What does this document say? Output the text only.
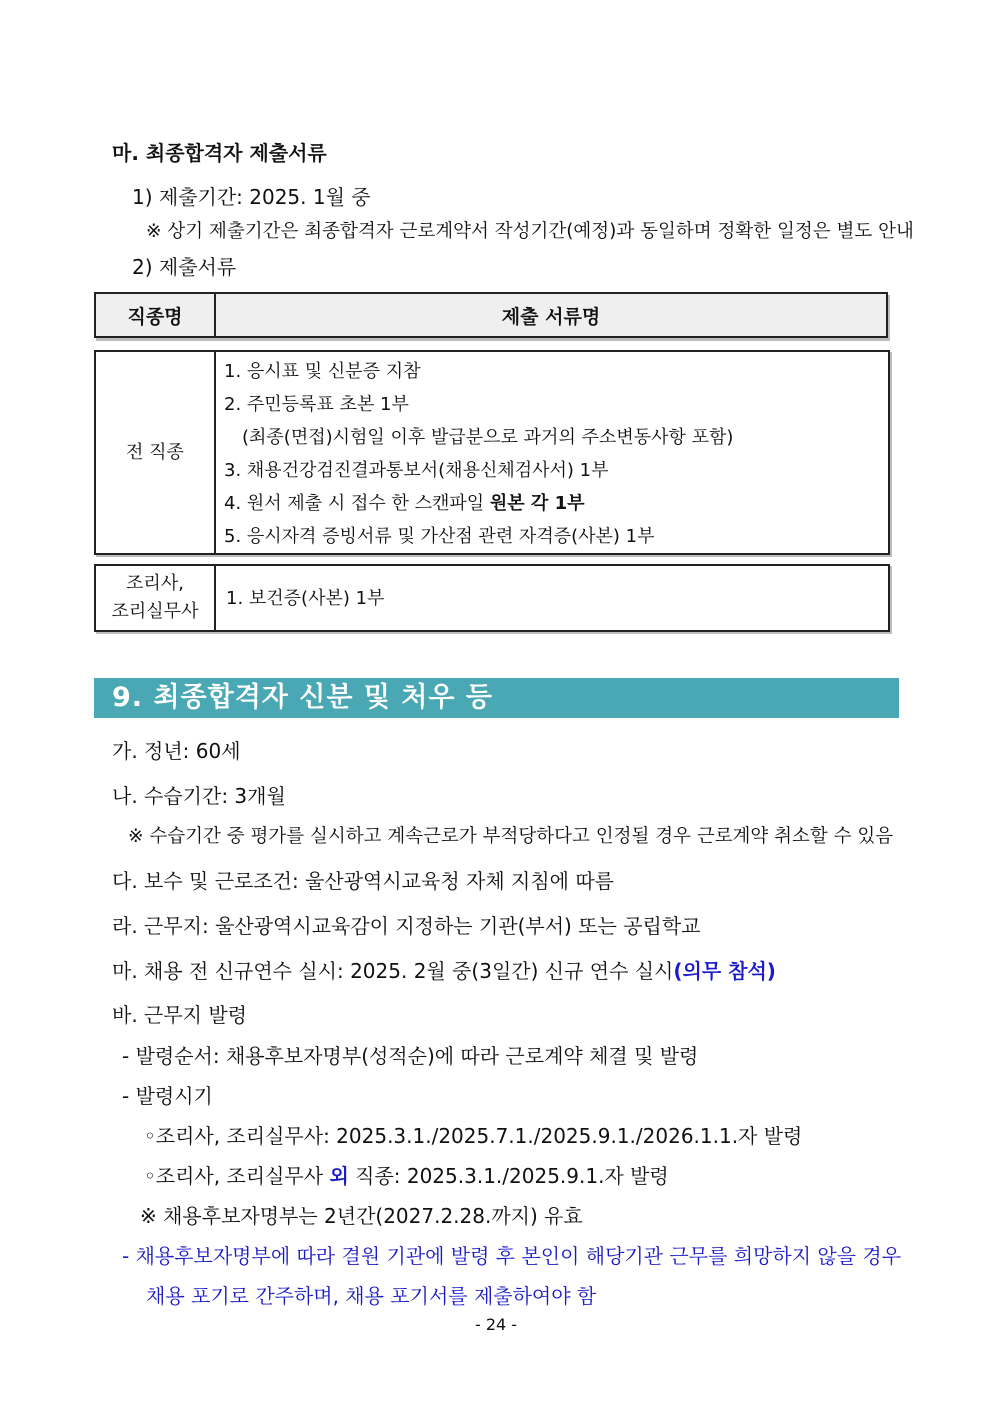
마. 최종합격자 제출서류
1) 제출기간: 2025. 1월 중
※ 상기 제출기간은 최종합격자 근로계약서 작성기간(예정)과 동일하며 정확한 일정은 별도 안내
2) 제출서류
직종명	제출 서류명
전 직종
1. 응시표 및 신분증 지참
2. 주민등록표 초본 1부
(최종(면접)시험일 이후 발급분으로 과거의 주소변동사항 포함)
3. 채용건강검진결과통보서(채용신체검사서) 1부
4. 원서 제출 시 접수 한 스캔파일 원본 각 1부
5. 응시자격 증빙서류 및 가산점 관련 자격증(사본) 1부
조리사,
조리실무사
1. 보건증(사본) 1부
9. 최종합격자 신분 및 처우 등
가. 정년: 60세
나. 수습기간: 3개월
※ 수습기간 중 평가를 실시하고 계속근로가 부적당하다고 인정될 경우 근로계약 취소할 수 있음
다. 보수 및 근로조건: 울산광역시교육청 자체 지침에 따름
라. 근무지: 울산광역시교육감이 지정하는 기관(부서) 또는 공립학교
마. 채용 전 신규연수 실시: 2025. 2월 중(3일간) 신규 연수 실시(의무 참석)
바. 근무지 발령
- 발령순서: 채용후보자명부(성적순)에 따라 근로계약 체결 및 발령
- 발령시기
◦조리사, 조리실무사: 2025.3.1./2025.7.1./2025.9.1./2026.1.1.자 발령
◦조리사, 조리실무사 외 직종: 2025.3.1./2025.9.1.자 발령
※ 채용후보자명부는 2년간(2027.2.28.까지) 유효
- 채용후보자명부에 따라 결원 기관에 발령 후 본인이 해당기관 근무를 희망하지 않을 경우
채용 포기로 간주하며, 채용 포기서를 제출하여야 함
- 24 -
